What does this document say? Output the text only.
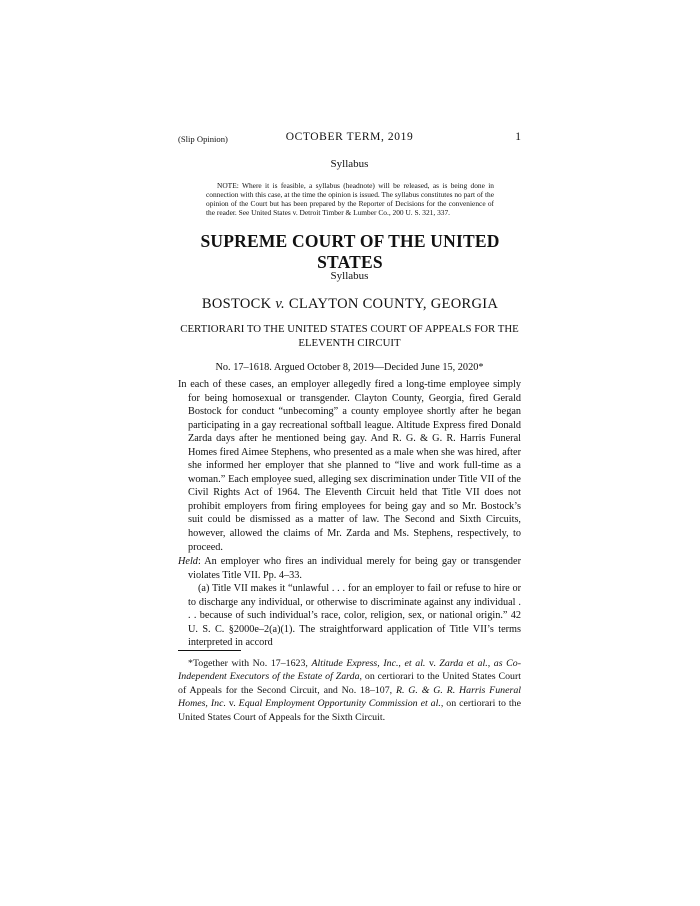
(Slip Opinion)	OCTOBER TERM, 2019	1
Syllabus
NOTE: Where it is feasible, a syllabus (headnote) will be released, as is being done in connection with this case, at the time the opinion is issued. The syllabus constitutes no part of the opinion of the Court but has been prepared by the Reporter of Decisions for the convenience of the reader. See United States v. Detroit Timber & Lumber Co., 200 U. S. 321, 337.
SUPREME COURT OF THE UNITED STATES
Syllabus
BOSTOCK v. CLAYTON COUNTY, GEORGIA
CERTIORARI TO THE UNITED STATES COURT OF APPEALS FOR THE ELEVENTH CIRCUIT
No. 17–1618. Argued October 8, 2019—Decided June 15, 2020*
In each of these cases, an employer allegedly fired a long-time employee simply for being homosexual or transgender. Clayton County, Georgia, fired Gerald Bostock for conduct “unbecoming” a county employee shortly after he began participating in a gay recreational softball league. Altitude Express fired Donald Zarda days after he mentioned being gay. And R. G. & G. R. Harris Funeral Homes fired Aimee Stephens, who presented as a male when she was hired, after she informed her employer that she planned to “live and work full-time as a woman.” Each employee sued, alleging sex discrimination under Title VII of the Civil Rights Act of 1964. The Eleventh Circuit held that Title VII does not prohibit employers from firing employees for being gay and so Mr. Bostock’s suit could be dismissed as a matter of law. The Second and Sixth Circuits, however, allowed the claims of Mr. Zarda and Ms. Stephens, respectively, to proceed.
Held: An employer who fires an individual merely for being gay or transgender violates Title VII. Pp. 4–33.
(a) Title VII makes it “unlawful . . . for an employer to fail or refuse to hire or to discharge any individual, or otherwise to discriminate against any individual . . . because of such individual’s race, color, religion, sex, or national origin.” 42 U. S. C. §2000e–2(a)(1). The straightforward application of Title VII’s terms interpreted in accord
*Together with No. 17–1623, Altitude Express, Inc., et al. v. Zarda et al., as Co-Independent Executors of the Estate of Zarda, on certiorari to the United States Court of Appeals for the Second Circuit, and No. 18–107, R. G. & G. R. Harris Funeral Homes, Inc. v. Equal Employment Opportunity Commission et al., on certiorari to the United States Court of Appeals for the Sixth Circuit.
